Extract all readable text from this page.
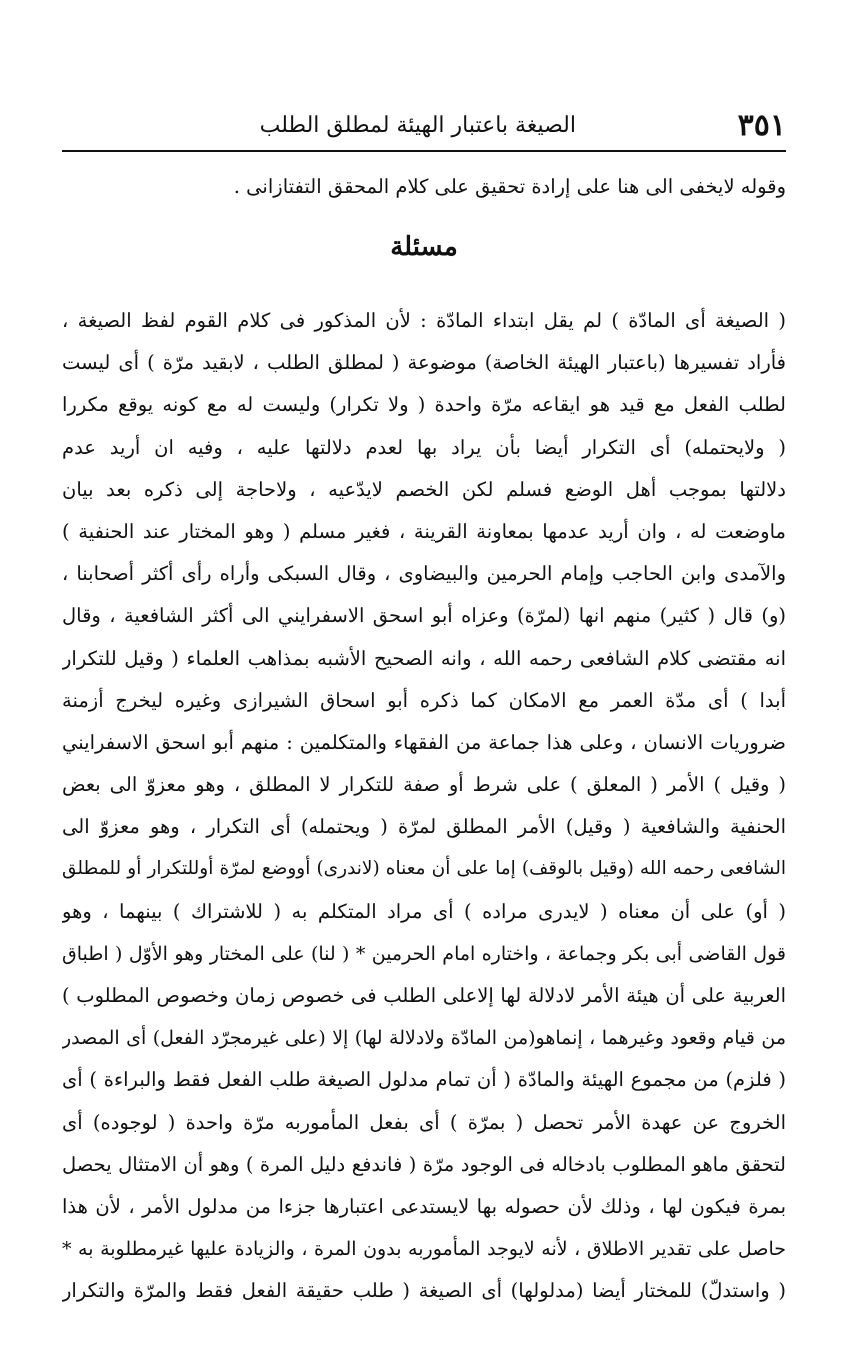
٣٥١
الصيغة باعتبار الهيئة لمطلق الطلب
وقوله لايخفى الى هنا على إرادة تحقيق على كلام المحقق التفتازانى .
مسئلة
( الصيغة أى المادّة ) لم يقل ابتداء المادّة : لأن المذكور فى كلام القوم لفظ الصيغة ،
فأراد تفسيرها (باعتبار الهيئة الخاصة) موضوعة ( لمطلق الطلب ، لابقيد مرّة ) أى ليست
لطلب الفعل مع قيد هو ايقاعه مرّة واحدة ( ولا تكرار) وليست له مع كونه يوقع مكررا
( ولايحتمله) أى التكرار أيضا بأن يراد بها لعدم دلالتها عليه ، وفيه ان أريد عدم
دلالتها بموجب أهل الوضع فسلم لكن الخصم لايدّعيه ، ولاحاجة إلى ذكره بعد بيان
ماوضعت له ، وان أريد عدمها بمعاونة القرينة ، فغير مسلم ( وهو المختار عند الحنفية )
والآمدى وابن الحاجب وإمام الحرمين والبيضاوى ، وقال السبكى وأراه رأى أكثر أصحابنا ،
(و) قال ( كثير) منهم انها (لمرّة) وعزاه أبو اسحق الاسفرايني الى أكثر الشافعية ، وقال
انه مقتضى كلام الشافعى رحمه الله ، وانه الصحيح الأشبه بمذاهب العلماء ( وقيل للتكرار
أبدا ) أى مدّة العمر مع الامكان كما ذكره أبو اسحاق الشيرازى وغيره ليخرج أزمنة
ضروريات الانسان ، وعلى هذا جماعة من الفقهاء والمتكلمين : منهم أبو اسحق الاسفرايني
( وقيل ) الأمر ( المعلق ) على شرط أو صفة للتكرار لا المطلق ، وهو معزوّ الى بعض
الحنفية والشافعية ( وقيل) الأمر المطلق لمرّة ( ويحتمله) أى التكرار ، وهو معزوّ الى
الشافعى رحمه الله (وقيل بالوقف) إما على أن معناه (لاندرى) أووضع لمرّة أوللتكرار أو للمطلق
( أو) على أن معناه ( لايدرى مراده ) أى مراد المتكلم به ( للاشتراك ) بينهما ، وهو
قول القاضى أبى بكر وجماعة ، واختاره امام الحرمين * ( لنا) على المختار وهو الأوّل ( اطباق
العربية على أن هيئة الأمر لادلالة لها إلاعلى الطلب فى خصوص زمان وخصوص المطلوب )
من قيام وقعود وغيرهما ، إنماهو(من المادّة ولادلالة لها) إلا (على غيرمجرّد الفعل) أى المصدر
( فلزم) من مجموع الهيئة والمادّة ( أن تمام مدلول الصيغة طلب الفعل فقط والبراءة ) أى
الخروج عن عهدة الأمر تحصل ( بمرّة ) أى بفعل المأموربه مرّة واحدة ( لوجوده) أى
لتحقق ماهو المطلوب بادخاله فى الوجود مرّة ( فاندفع دليل المرة ) وهو أن الامتثال يحصل
بمرة فيكون لها ، وذلك لأن حصوله بها لايستدعى اعتبارها جزءا من مدلول الأمر ، لأن هذا
حاصل على تقدير الاطلاق ، لأنه لايوجد المأموربه بدون المرة ، والزيادة عليها غيرمطلوبة به *
( واستدلّ) للمختار أيضا (مدلولها) أى الصيغة ( طلب حقيقة الفعل فقط والمرّة والتكرار
